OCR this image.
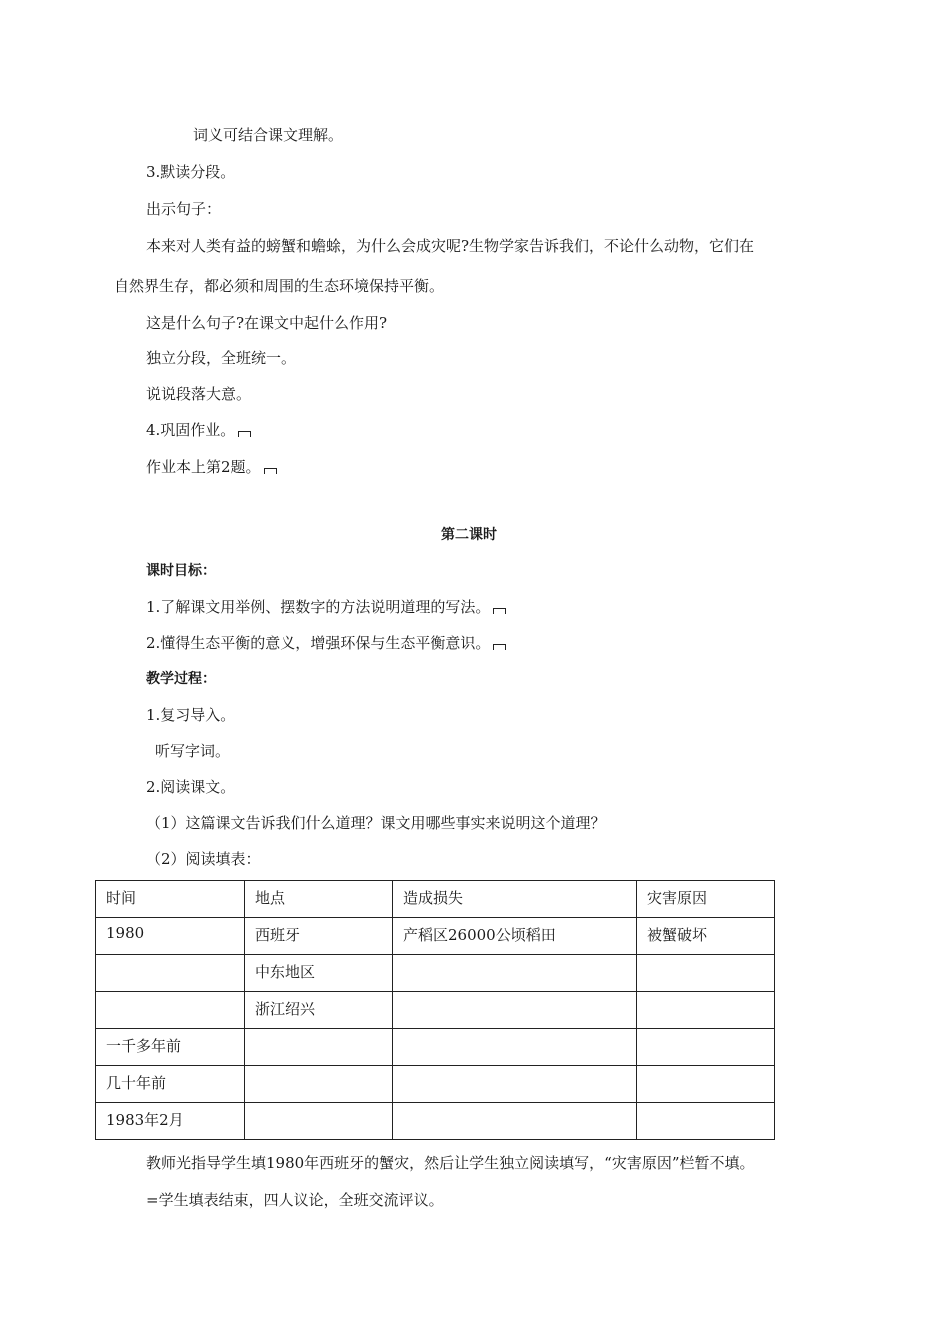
词义可结合课文理解。
3.默读分段。
出示句子：
本来对人类有益的螃蟹和蟾蜍，为什么会成灾呢?生物学家告诉我们，不论什么动物，它们在
自然界生存，都必须和周围的生态环境保持平衡。
这是什么句子?在课文中起什么作用?
独立分段，全班统一。
说说段落大意。
4.巩固作业。
作业本上第2题。
第二课时
课时目标：
1.了解课文用举例、摆数字的方法说明道理的写法。
2.懂得生态平衡的意义，增强环保与生态平衡意识。
教学过程：
1.复习导入。
听写字词。
2.阅读课文。
（1）这篇课文告诉我们什么道理？课文用哪些事实来说明这个道理？
（2）阅读填表：
时间	地点	造成损失	灾害原因
1980	西班牙	产稻区26000公顷稻田	被蟹破坏
	中东地区		
	浙江绍兴		
一千多年前			
几十年前			
1983年2月			
教师光指导学生填1980年西班牙的蟹灾，然后让学生独立阅读填写，“灾害原因”栏暂不填。
=学生填表结束，四人议论，全班交流评议。
